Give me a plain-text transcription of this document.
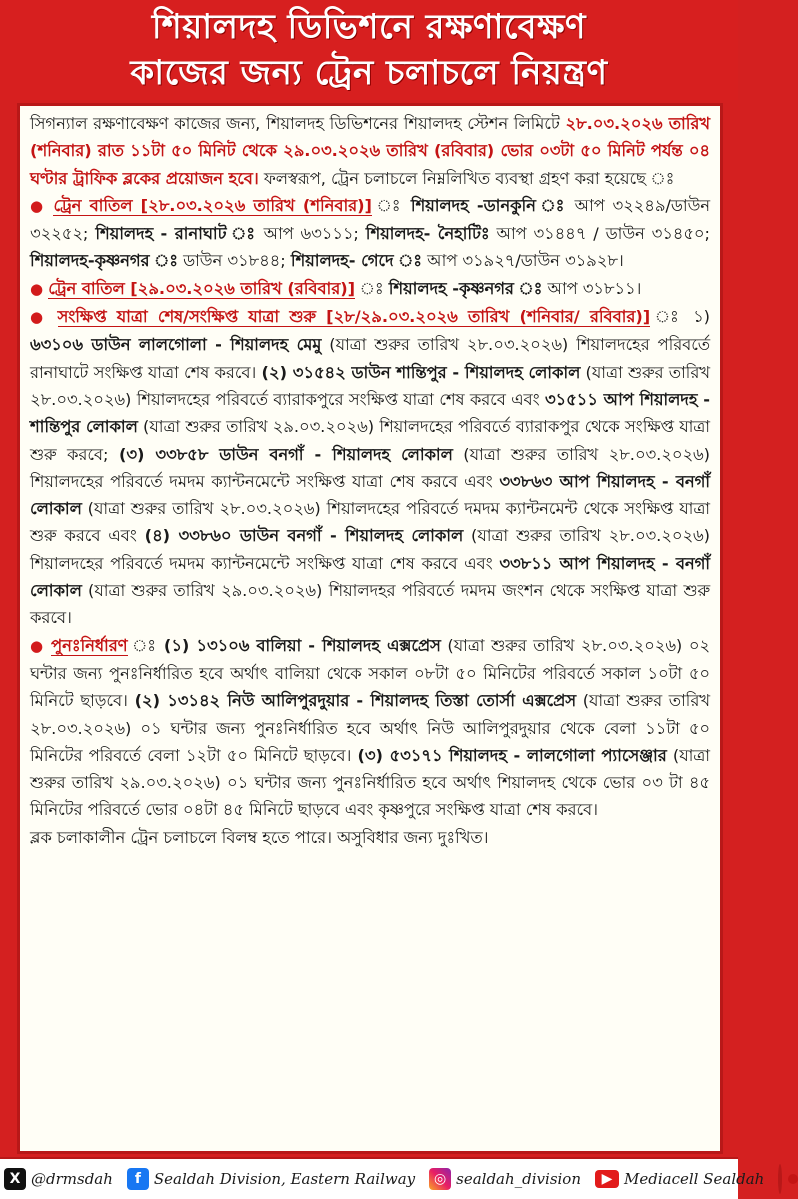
শিয়ালদহ ডিভিশনে রক্ষণাবেক্ষণ
কাজের জন্য ট্রেন চলাচলে নিয়ন্ত্রণ

সিগন্যাল রক্ষণাবেক্ষণ কাজের জন্য, শিয়ালদহ ডিভিশনের শিয়ালদহ স্টেশন লিমিটে ২৮.০৩.২০২৬ তারিখ (শনিবার) রাত ১১টা ৫০ মিনিট থেকে ২৯.০৩.২০২৬ তারিখ (রবিবার) ভোর ০৩টা ৫০ মিনিট পর্যন্ত ০৪ ঘণ্টার ট্রাফিক ব্লকের প্রয়োজন হবে। ফলস্বরূপ, ট্রেন চলাচলে নিম্নলিখিত ব্যবস্থা গ্রহণ করা হয়েছে ঃ

● ট্রেন বাতিল [২৮.০৩.২০২৬ তারিখ (শনিবার)] ঃ শিয়ালদহ -ডানকুনি ঃ আপ ৩২২৪৯/ডাউন ৩২২৫২; শিয়ালদহ - রানাঘাট ঃ আপ ৬৩১১১; শিয়ালদহ- নৈহাটিঃ আপ ৩১৪৪৭ / ডাউন ৩১৪৫০; শিয়ালদহ-কৃষ্ণনগর ঃ ডাউন ৩১৮৪৪; শিয়ালদহ- গেদে ঃ আপ ৩১৯২৭/ডাউন ৩১৯২৮।

● ট্রেন বাতিল [২৯.০৩.২০২৬ তারিখ (রবিবার)] ঃ শিয়ালদহ -কৃষ্ণনগর ঃ আপ ৩১৮১১।

● সংক্ষিপ্ত যাত্রা শেষ/সংক্ষিপ্ত যাত্রা শুরু [২৮/২৯.০৩.২০২৬ তারিখ (শনিবার/ রবিবার)] ঃ ১) ৬৩১০৬ ডাউন লালগোলা - শিয়ালদহ মেমু (যাত্রা শুরুর তারিখ ২৮.০৩.২০২৬) শিয়ালদহের পরিবর্তে রানাঘাটে সংক্ষিপ্ত যাত্রা শেষ করবে। (২) ৩১৫৪২ ডাউন শান্তিপুর - শিয়ালদহ লোকাল (যাত্রা শুরুর তারিখ ২৮.০৩.২০২৬) শিয়ালদহের পরিবর্তে ব্যারাকপুরে সংক্ষিপ্ত যাত্রা শেষ করবে এবং ৩১৫১১ আপ শিয়ালদহ - শান্তিপুর লোকাল (যাত্রা শুরুর তারিখ ২৯.০৩.২০২৬) শিয়ালদহের পরিবর্তে ব্যারাকপুর থেকে সংক্ষিপ্ত যাত্রা শুরু করবে; (৩) ৩৩৮৫৮ ডাউন বনগাঁ - শিয়ালদহ লোকাল (যাত্রা শুরুর তারিখ ২৮.০৩.২০২৬) শিয়ালদহের পরিবর্তে দমদম ক্যান্টনমেন্টে সংক্ষিপ্ত যাত্রা শেষ করবে এবং ৩৩৮৬৩ আপ শিয়ালদহ - বনগাঁ লোকাল (যাত্রা শুরুর তারিখ ২৮.০৩.২০২৬) শিয়ালদহের পরিবর্তে দমদম ক্যান্টনমেন্ট থেকে সংক্ষিপ্ত যাত্রা শুরু করবে এবং (৪) ৩৩৮৬০ ডাউন বনগাঁ - শিয়ালদহ লোকাল (যাত্রা শুরুর তারিখ ২৮.০৩.২০২৬) শিয়ালদহের পরিবর্তে দমদম ক্যান্টনমেন্টে সংক্ষিপ্ত যাত্রা শেষ করবে এবং ৩৩৮১১ আপ শিয়ালদহ - বনগাঁ লোকাল (যাত্রা শুরুর তারিখ ২৯.০৩.২০২৬) শিয়ালদহর পরিবর্তে দমদম জংশন থেকে সংক্ষিপ্ত যাত্রা শুরু করবে।

● পুনঃনির্ধারণ ঃ (১) ১৩১০৬ বালিয়া - শিয়ালদহ এক্সপ্রেস (যাত্রা শুরুর তারিখ ২৮.০৩.২০২৬) ০২ ঘন্টার জন্য পুনঃনির্ধারিত হবে অর্থাৎ বালিয়া থেকে সকাল ০৮টা ৫০ মিনিটের পরিবর্তে সকাল ১০টা ৫০ মিনিটে ছাড়বে। (২) ১৩১৪২ নিউ আলিপুরদুয়ার - শিয়ালদহ তিস্তা তোর্সা এক্সপ্রেস (যাত্রা শুরুর তারিখ ২৮.০৩.২০২৬) ০১ ঘন্টার জন্য পুনঃনির্ধারিত হবে অর্থাৎ নিউ আলিপুরদুয়ার থেকে বেলা ১১টা ৫০ মিনিটের পরিবর্তে বেলা ১২টা ৫০ মিনিটে ছাড়বে। (৩) ৫৩১৭১ শিয়ালদহ - লালগোলা প্যাসেঞ্জার (যাত্রা শুরুর তারিখ ২৯.০৩.২০২৬) ০১ ঘন্টার জন্য পুনঃনির্ধারিত হবে অর্থাৎ শিয়ালদহ থেকে ভোর ০৩ টা ৪৫ মিনিটের পরিবর্তে ভোর ০৪টা ৪৫ মিনিটে ছাড়বে এবং কৃষ্ণপুরে সংক্ষিপ্ত যাত্রা শেষ করবে।

ব্লক চলাকালীন ট্রেন চলাচলে বিলম্ব হতে পারে। অসুবিধার জন্য দুঃখিত।

X @drmsdah	f Sealdah Division, Eastern Railway	◎ sealdah_division	▶ Mediacell Sealdah
